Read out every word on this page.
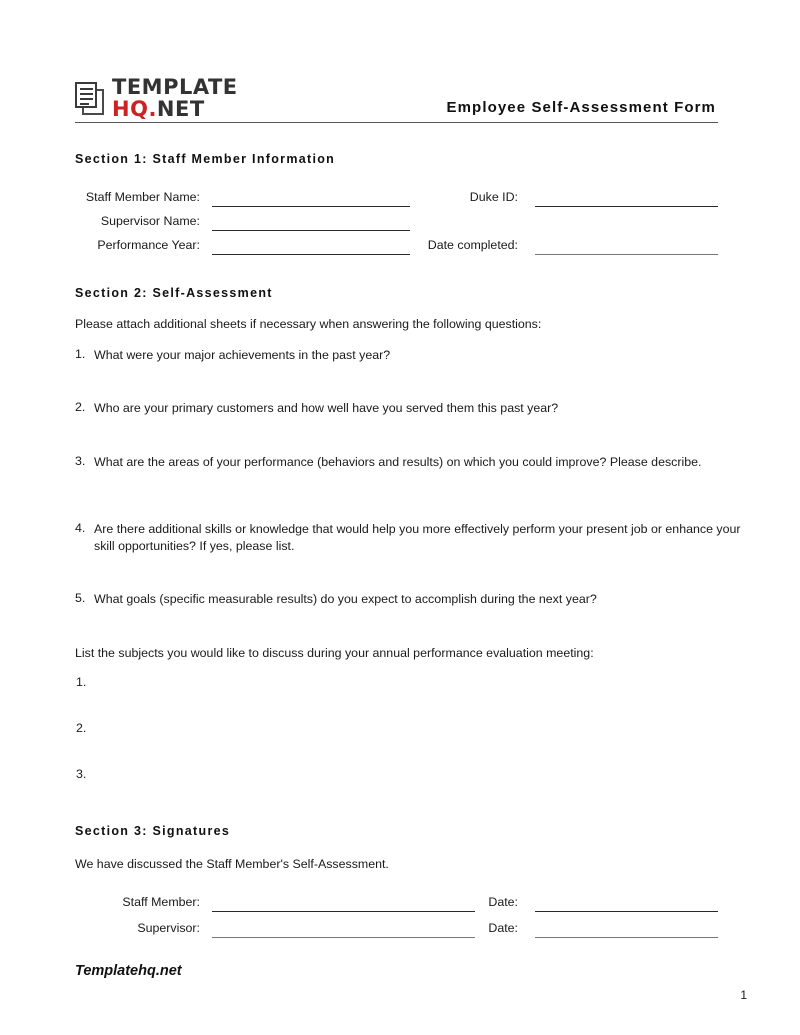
TEMPLATE
HQ.NET	Employee Self-Assessment Form
Section 1: Staff Member Information
Staff Member Name:	Duke ID:
Supervisor Name:
Performance Year:	Date completed:
Section 2: Self-Assessment
Please attach additional sheets if necessary when answering the following questions:
1. What were your major achievements in the past year?
2. Who are your primary customers and how well have you served them this past year?
3. What are the areas of your performance (behaviors and results) on which you could improve? Please describe.
4. Are there additional skills or knowledge that would help you more effectively perform your present job or enhance your skill opportunities? If yes, please list.
5. What goals (specific measurable results) do you expect to accomplish during the next year?
List the subjects you would like to discuss during your annual performance evaluation meeting:
1.
2.
3.
Section 3: Signatures
We have discussed the Staff Member's Self-Assessment.
Staff Member:	Date:
Supervisor:	Date:
Templatehq.net
1
